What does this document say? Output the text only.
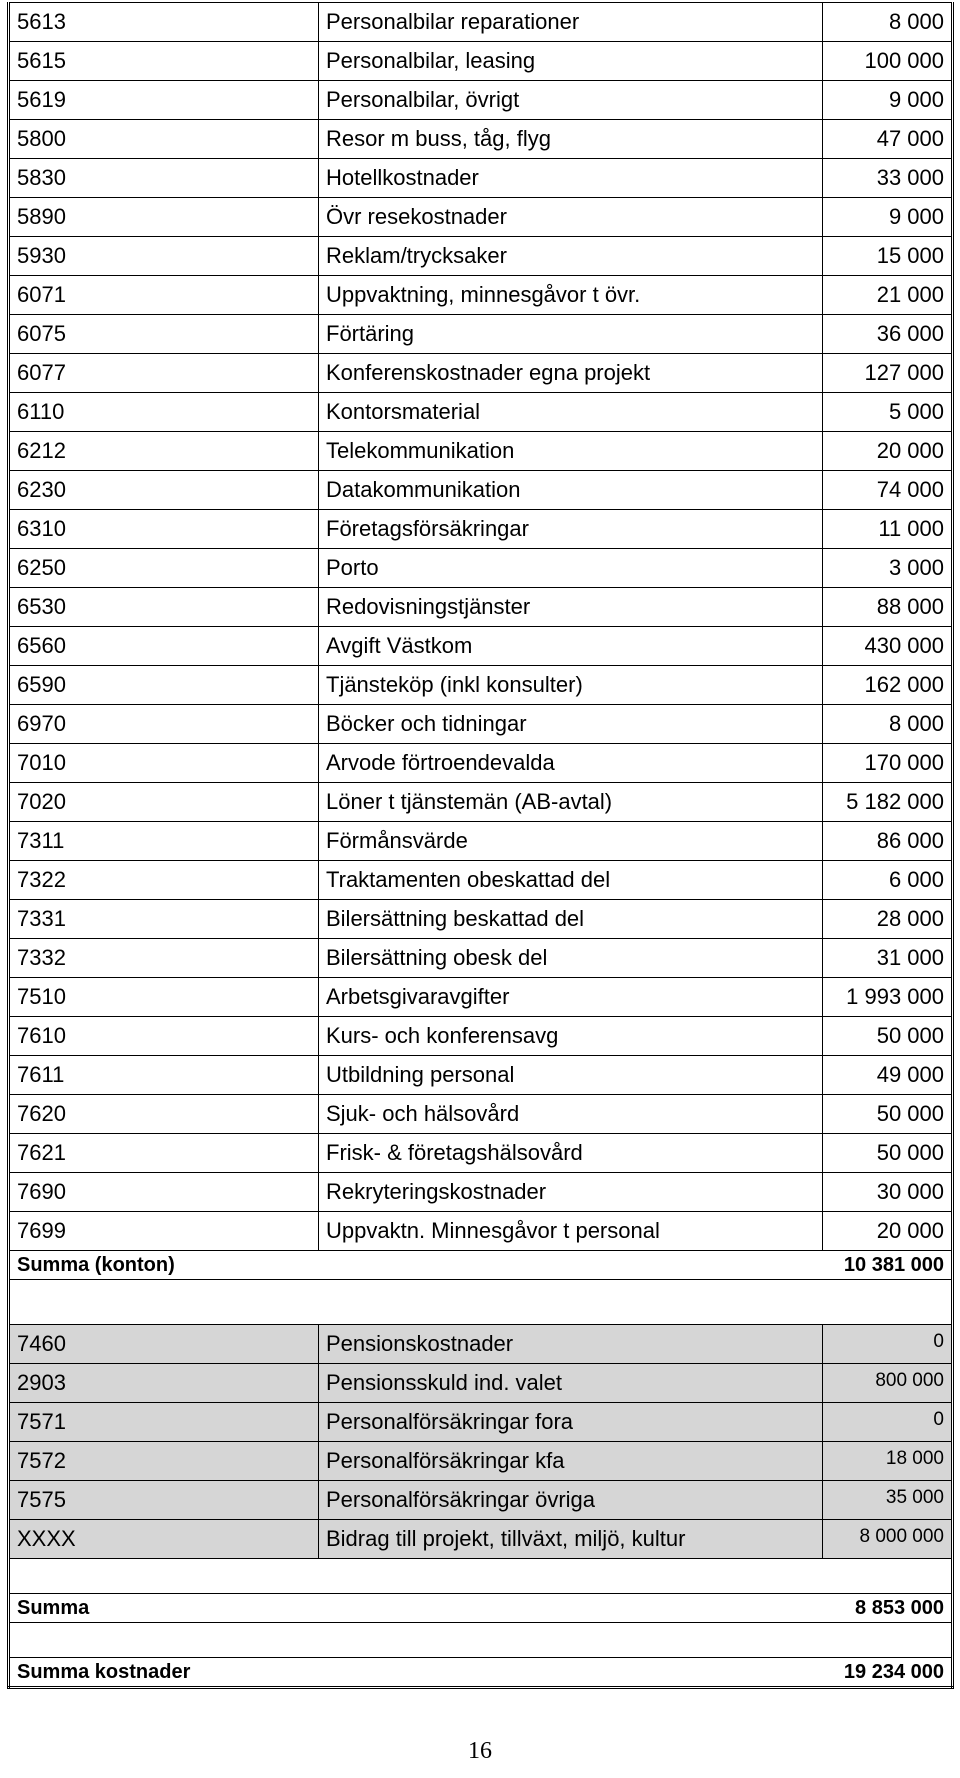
5613	Personalbilar reparationer	8 000
5615	Personalbilar, leasing	100 000
5619	Personalbilar, övrigt	9 000
5800	Resor m buss, tåg, flyg	47 000
5830	Hotellkostnader	33 000
5890	Övr resekostnader	9 000
5930	Reklam/trycksaker	15 000
6071	Uppvaktning, minnesgåvor t övr.	21 000
6075	Förtäring	36 000
6077	Konferenskostnader egna projekt	127 000
6110	Kontorsmaterial	5 000
6212	Telekommunikation	20 000
6230	Datakommunikation	74 000
6310	Företagsförsäkringar	11 000
6250	Porto	3 000
6530	Redovisningstjänster	88 000
6560	Avgift Västkom	430 000
6590	Tjänsteköp (inkl konsulter)	162 000
6970	Böcker och tidningar	8 000
7010	Arvode förtroendevalda	170 000
7020	Löner t tjänstemän (AB-avtal)	5 182 000
7311	Förmånsvärde	86 000
7322	Traktamenten obeskattad del	6 000
7331	Bilersättning beskattad del	28 000
7332	Bilersättning obesk del	31 000
7510	Arbetsgivaravgifter	1 993 000
7610	Kurs- och konferensavg	50 000
7611	Utbildning personal	49 000
7620	Sjuk- och hälsovård	50 000
7621	Frisk- & företagshälsovård	50 000
7690	Rekryteringskostnader	30 000
7699	Uppvaktn. Minnesgåvor t personal	20 000
Summa (konton)		10 381 000

7460	Pensionskostnader	0
2903	Pensionsskuld ind. valet	800 000
7571	Personalförsäkringar fora	0
7572	Personalförsäkringar kfa	18 000
7575	Personalförsäkringar övriga	35 000
XXXX	Bidrag till projekt, tillväxt, miljö, kultur	8 000 000

Summa		8 853 000

Summa kostnader		19 234 000
16
